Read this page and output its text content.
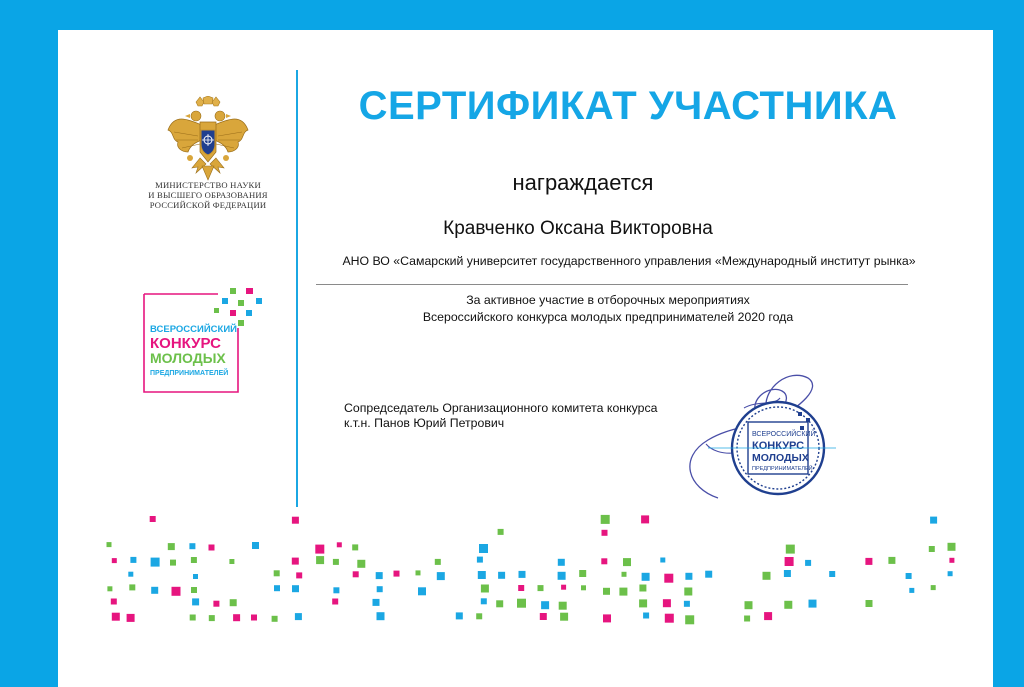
МИНИСТЕРСТВО НАУКИ
И ВЫСШЕГО ОБРАЗОВАНИЯ
РОССИЙСКОЙ ФЕДЕРАЦИИ
ВСЕРОССИЙСКИЙ
КОНКУРС
МОЛОДЫХ
ПРЕДПРИНИМАТЕЛЕЙ
СЕРТИФИКАТ УЧАСТНИКА
награждается
Кравченко Оксана Викторовна
АНО ВО «Самарский университет государственного управления «Международный институт рынка»
За активное участие в отборочных мероприятиях
Всероссийского конкурса молодых предпринимателей 2020 года
Сопредседатель Организационного комитета конкурса
к.т.н. Панов Юрий Петрович
ВСЕРОССИЙСКИЙ
КОНКУРС
МОЛОДЫХ
ПРЕДПРИНИМАТЕЛЕЙ
